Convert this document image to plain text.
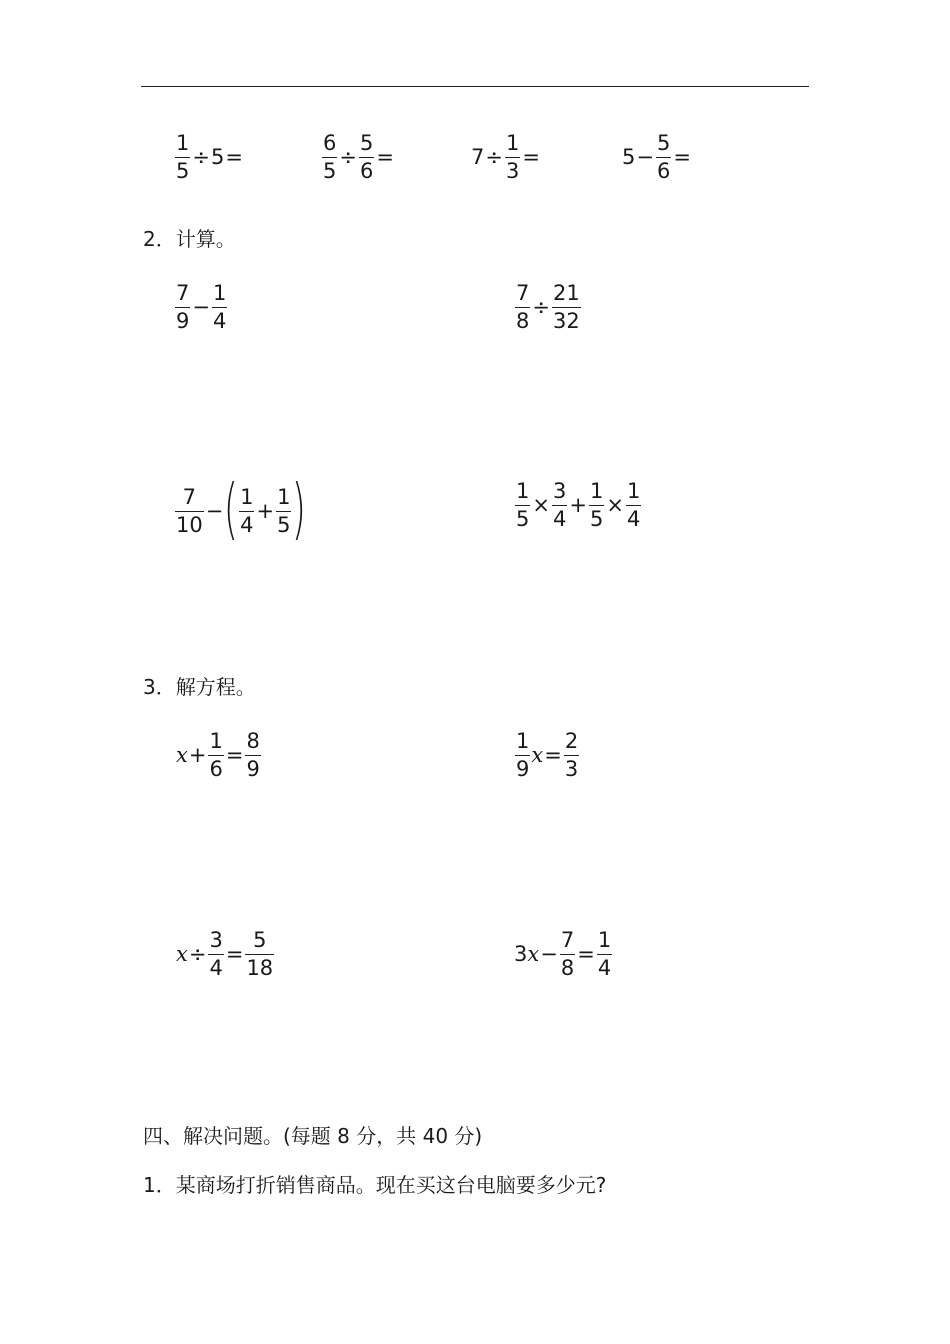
$\frac{1}{5} \div 5$ =	$\frac{6}{5} \div \frac{5}{6}$ =	$7 \div \frac{1}{3}$ =	$5 - \frac{5}{6}$ =
2．计算。
$\frac{7}{9} - \frac{1}{4}$	$\frac{7}{8} \div \frac{21}{32}$
$\frac{7}{10}$ − ( $\frac{1}{4} + \frac{1}{5}$ )	$\frac{1}{5} \times \frac{3}{4} + \frac{1}{5} \times \frac{1}{4}$
3．解方程。
$x + \frac{1}{6} = \frac{8}{9}$	$\frac{1}{9}$ $x = \frac{2}{3}$
$x \div \frac{3}{4} = \frac{5}{18}$	3 $x - \frac{7}{8} = \frac{1}{4}$
四、解决问题。(每题 8 分，共 40 分)
1．某商场打折销售商品。现在买这台电脑要多少元?
